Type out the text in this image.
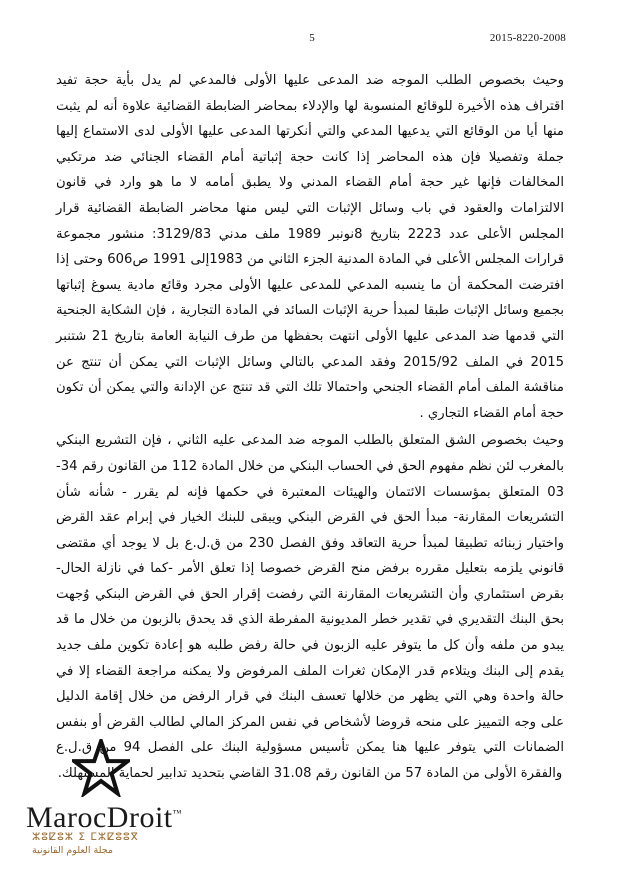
5	2015-8220-2008

وحيث بخصوص الطلب الموجه ضد المدعى عليها الأولى فالمدعي لم يدل بأية حجة تفيد اقتراف هذه الأخيرة للوقائع المنسوبة لها والإدلاء بمحاضر الضابطة القضائية علاوة أنه لم يثبت منها أيا من الوقائع التي يدعيها المدعي والتي أنكرتها المدعى عليها الأولى لدى الاستماع إليها جملة وتفصيلا فإن هذه المحاضر إذا كانت حجة إثباتية أمام القضاء الجنائي ضد مرتكبي المخالفات فإنها غير حجة أمام القضاء المدني ولا يطبق أمامه لا ما هو وارد في قانون الالتزامات والعقود في باب وسائل الإثبات التي ليس منها محاضر الضابطة القضائية قرار المجلس الأعلى عدد 2223 بتاريخ 8نونبر 1989 ملف مدني 3129/83: منشور مجموعة قرارات المجلس الأعلى في المادة المدنية الجزء الثاني من 1983إلى 1991 ص606 وحتى إذا افترضت المحكمة أن ما ينسبه المدعي للمدعى عليها الأولى مجرد وقائع مادية يسوغ إثباتها بجميع وسائل الإثبات طبقا لمبدأ حرية الإثبات السائد في المادة التجارية ، فإن الشكاية الجنحية التي قدمها ضد المدعى عليها الأولى انتهت بحفظها من طرف النيابة العامة بتاريخ 21 شتنبر 2015 في الملف 2015/92 وفقد المدعي بالتالي وسائل الإثبات التي يمكن أن تنتج عن مناقشة الملف أمام القضاء الجنحي واحتمالا تلك التي قد تنتج عن الإدانة والتي يمكن أن تكون حجة أمام القضاء التجاري .

وحيث بخصوص الشق المتعلق بالطلب الموجه ضد المدعى عليه الثاني ، فإن التشريع البنكي بالمغرب لئن نظم مفهوم الحق في الحساب البنكي من خلال المادة 112 من القانون رقم 34-03 المتعلق بمؤسسات الائتمان والهيئات المعتبرة في حكمها فإنه لم يقرر - شأنه شأن التشريعات المقارنة- مبدأ الحق في القرض البنكي ويبقى للبنك الخيار في إبرام عقد القرض واختيار زبنائه تطبيقا لمبدأ حرية التعاقد وفق الفصل 230 من ق.ل.ع بل لا يوجد أي مقتضى قانوني يلزمه بتعليل مقرره برفض منح القرض خصوصا إذا تعلق الأمر -كما في نازلة الحال- بقرض استثماري وأن التشريعات المقارنة التي رفضت إقرار الحق في القرض البنكي وُجهت بحق البنك التقديري في تقدير خطر المديونية المفرطة الذي قد يحدق بالزبون من خلال ما قد يبدو من ملفه وأن كل ما يتوفر عليه الزبون في حالة رفض طلبه هو إعادة تكوين ملف جديد يقدم إلى البنك ويتلاءم قدر الإمكان ثغرات الملف المرفوض ولا يمكنه مراجعة القضاء إلا في حالة واحدة وهي التي يظهر من خلالها تعسف البنك في قرار الرفض من خلال إقامة الدليل على وجه التمييز على منحه قروضا لأشخاص في نفس المركز المالي لطالب القرض أو بنفس الضمانات التي يتوفر عليها هنا يمكن تأسيس مسؤولية البنك على الفصل 94 من ق.ل.ع والفقرة الأولى من المادة 57 من القانون رقم 31.08 القاضي بتحديد تدابير لحماية المستهلك.

MarocDroit™
ⵣⵓⵇⵓⵣ ⵉ ⵎⵣⵇⵓⵓⴳ
مجلة العلوم القانونية
